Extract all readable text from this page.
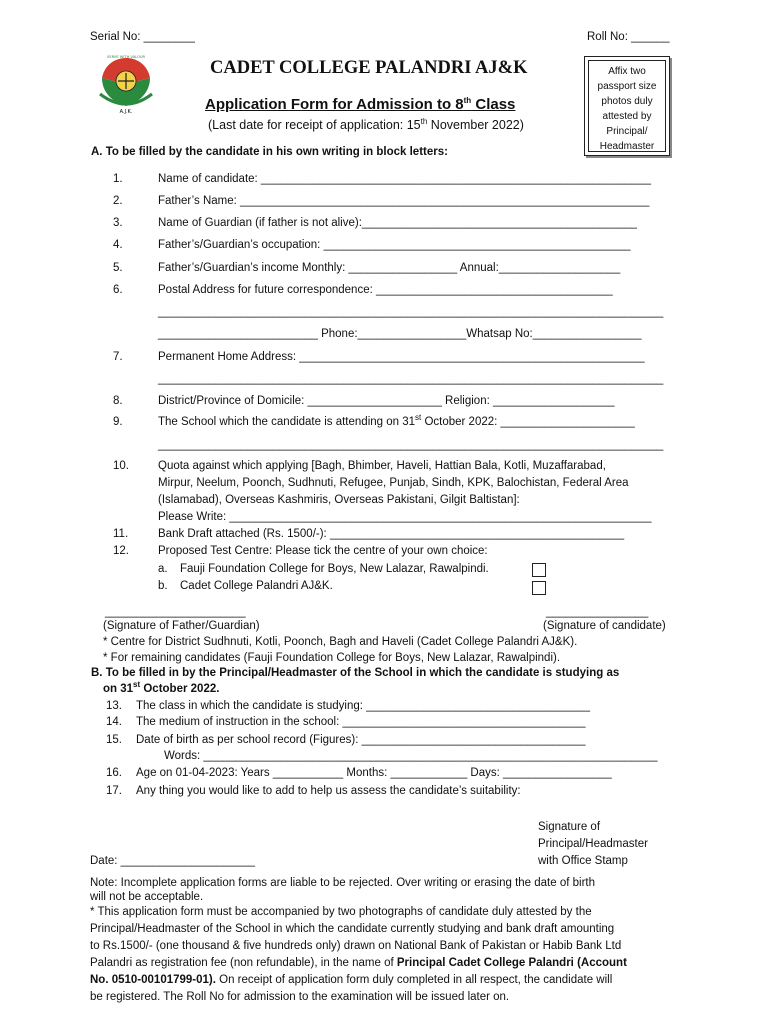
Serial No: ________	Roll No: ______
A.J.K.
SERVE WITH VALOUR
CADET COLLEGE PALANDRI AJ&K
Application Form for Admission to 8th Class
(Last date for receipt of application: 15th November 2022)
Affix two passport size photos duly attested by Principal/ Headmaster
A. To be filled by the candidate in his own writing in block letters:
1.	Name of candidate: _____________________________________________________________
2.	Father’s Name: ________________________________________________________________
3.	Name of Guardian (if father is not alive):___________________________________________
4.	Father’s/Guardian’s occupation: ________________________________________________
5.	Father’s/Guardian’s income Monthly: _________________ Annual:___________________
6.	Postal Address for future correspondence: _____________________________________
_______________________________________________________________________________
_________________________ Phone:_________________Whatsap No:_________________
7.	Permanent Home Address: ______________________________________________________
_______________________________________________________________________________
8.	District/Province of Domicile: _____________________ Religion: ___________________
9.	The School which the candidate is attending on 31st October 2022: _____________________
_______________________________________________________________________________
10.	Quota against which applying [Bagh, Bhimber, Haveli, Hattian Bala, Kotli, Muzaffarabad,
Mirpur, Neelum, Poonch, Sudhnuti, Refugee, Punjab, Sindh, KPK, Balochistan, Federal Area
(Islamabad), Overseas Kashmiris, Overseas Pakistani, Gilgit Baltistan]:
Please Write: __________________________________________________________________
11.	Bank Draft attached (Rs. 1500/-): ______________________________________________
12.	Proposed Test Centre: Please tick the centre of your own choice:
a. Fauji Foundation College for Boys, New Lalazar, Rawalpindi.
b. Cadet College Palandri AJ&K.
______________________
(Signature of Father/Guardian)
________________
(Signature of candidate)
* Centre for District Sudhnuti, Kotli, Poonch, Bagh and Haveli (Cadet College Palandri AJ&K).
* For remaining candidates (Fauji Foundation College for Boys, New Lalazar, Rawalpindi).
B. To be filled in by the Principal/Headmaster of the School in which the candidate is studying as
on 31st October 2022.
13. The class in which the candidate is studying: ___________________________________
14. The medium of instruction in the school: ______________________________________
15. Date of birth as per school record (Figures): ___________________________________
Words: _______________________________________________________________________
16. Age on 01-04-2023: Years ___________ Months: ____________ Days: _________________
17. Any thing you would like to add to help us assess the candidate’s suitability:
Signature of
Principal/Headmaster
with Office Stamp
Date: _____________________
Note: Incomplete application forms are liable to be rejected. Over writing or erasing the date of birth
will not be acceptable.
* This application form must be accompanied by two photographs of candidate duly attested by the
Principal/Headmaster of the School in which the candidate currently studying and bank draft amounting
to Rs.1500/- (one thousand & five hundreds only) drawn on National Bank of Pakistan or Habib Bank Ltd
Palandri as registration fee (non refundable), in the name of Principal Cadet College Palandri (Account
No. 0510-00101799-01). On receipt of application form duly completed in all respect, the candidate will
be registered. The Roll No for admission to the examination will be issued later on.
